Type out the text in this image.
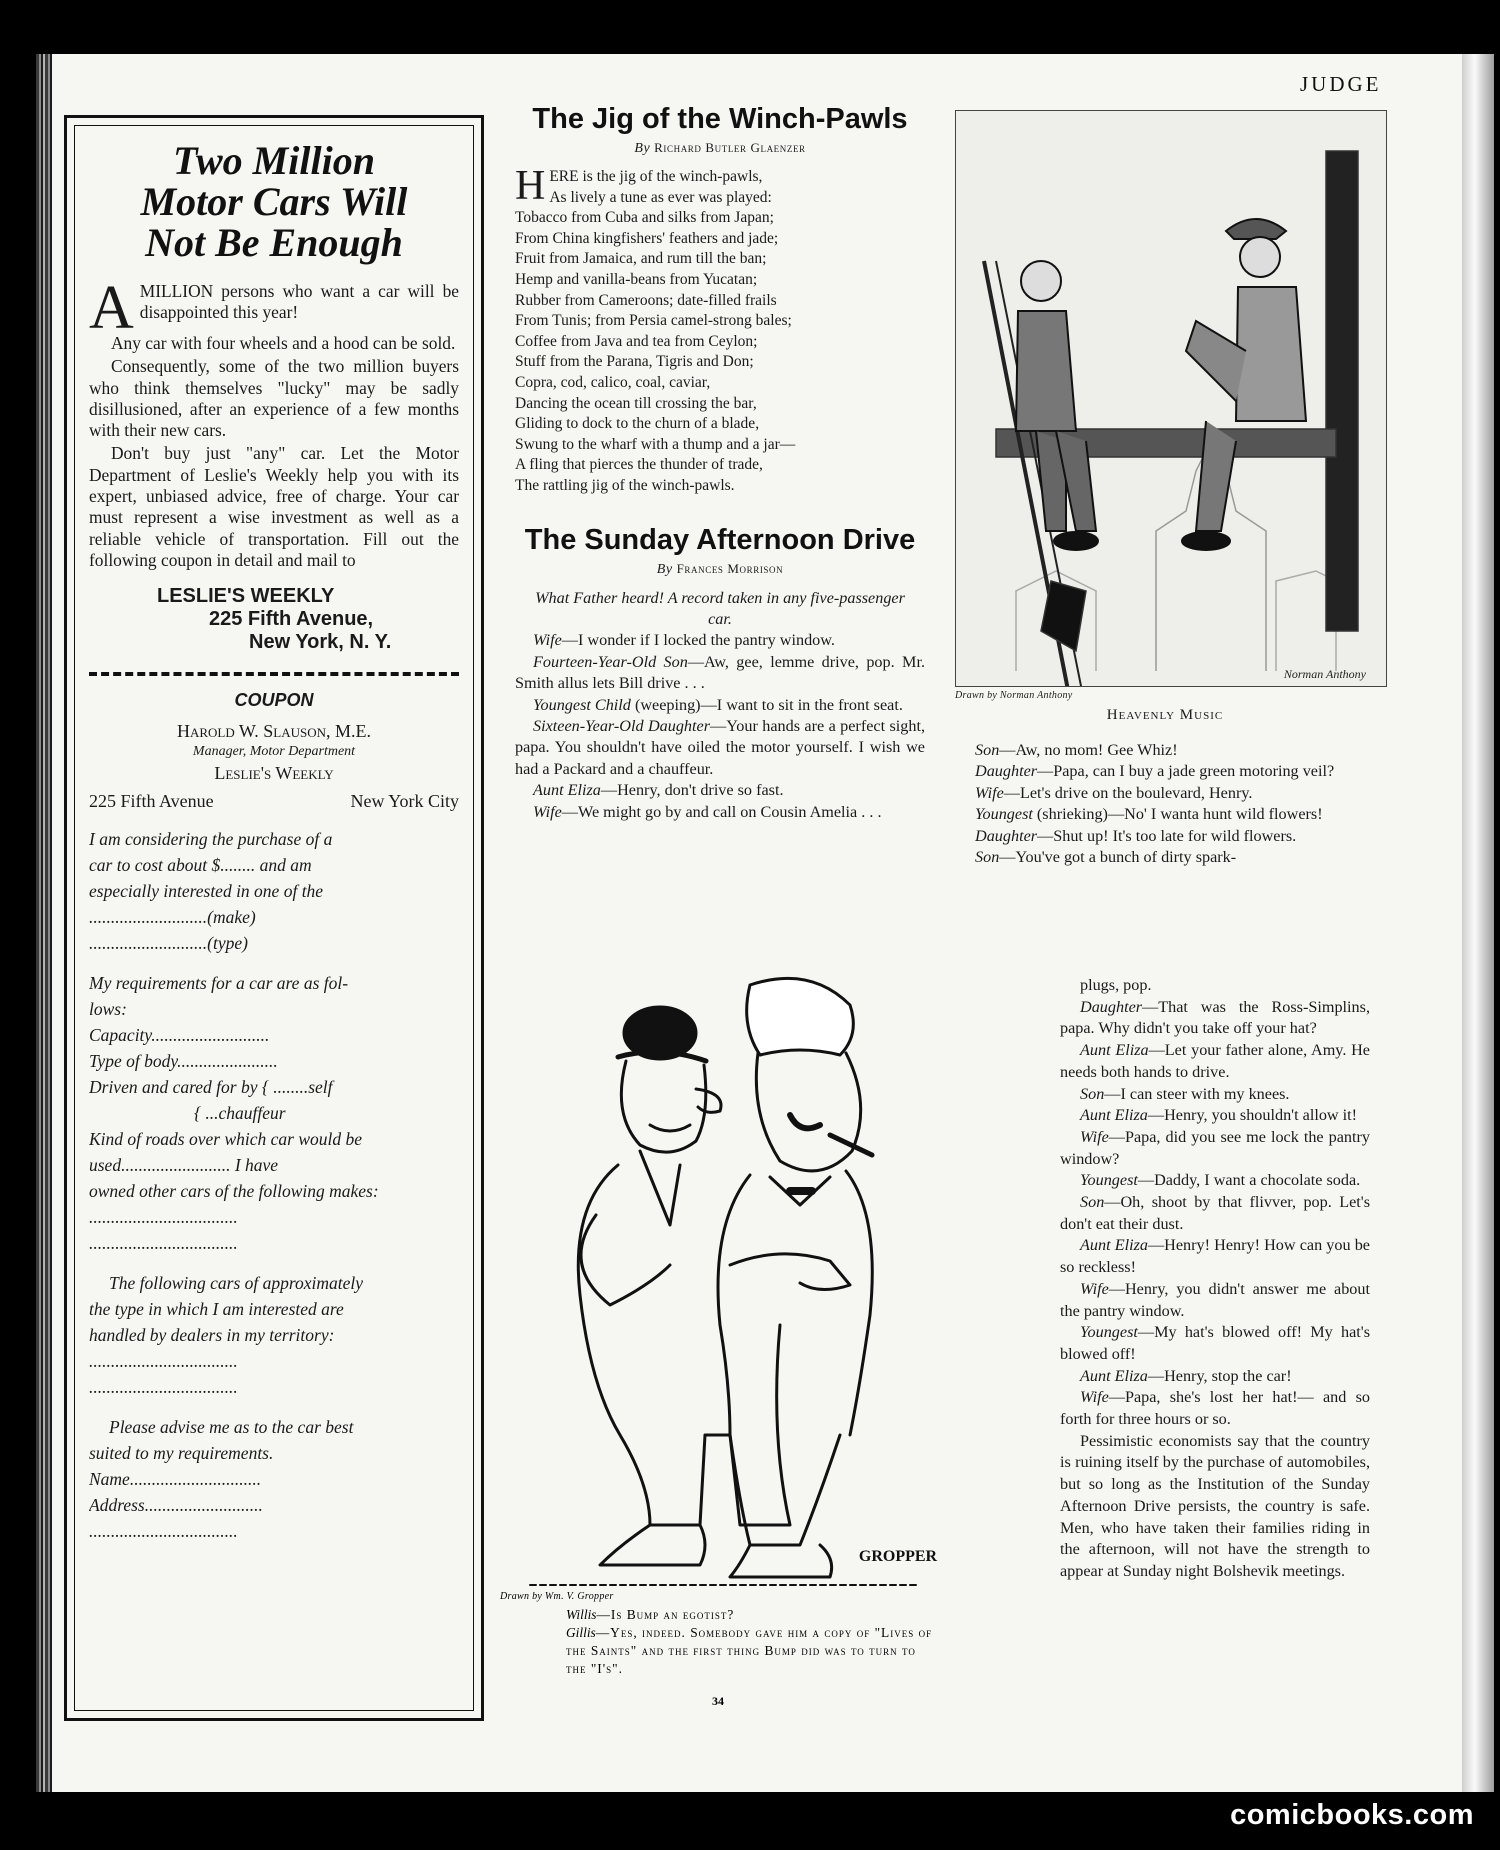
JUDGE
Two Million
Motor Cars Will
Not Be Enough

A MILLION persons who want a car will be disappointed this year!

Any car with four wheels and a hood can be sold.

Consequently, some of the two million buyers who think themselves "lucky" may be sadly disillusioned, after an experience of a few months with their new cars.

Don't buy just "any" car. Let the Motor Department of Leslie's Weekly help you with its expert, unbiased advice, free of charge. Your car must represent a wise investment as well as a reliable vehicle of transportation. Fill out the following coupon in detail and mail to

LESLIE'S WEEKLY
225 Fifth Avenue,
New York, N. Y.
COUPON
Harold W. Slauson, M.E.
Manager, Motor Department
Leslie's Weekly
225 Fifth Avenue	New York City
I am considering the purchase of a
car to cost about $........ and am
especially interested in one of the
...........................(make)
...........................(type)
My requirements for a car are as fol-
lows:
Capacity...........................
Type of body.......................
Driven and cared for by { ........self
{ ...chauffeur
Kind of roads over which car would be
used......................... I have
owned other cars of the following makes:
..................................
..................................
The following cars of approximately
the type in which I am interested are
handled by dealers in my territory:
..................................
..................................
Please advise me as to the car best
suited to my requirements.
Name..............................
Address...........................
..................................
The Jig of the Winch-Pawls
By Richard Butler Glaenzer
H ERE is the jig of the winch-pawls,
As lively a tune as ever was played:
Tobacco from Cuba and silks from Japan;
From China kingfishers' feathers and jade;
Fruit from Jamaica, and rum till the ban;
Hemp and vanilla-beans from Yucatan;
Rubber from Cameroons; date-filled frails
From Tunis; from Persia camel-strong bales;
Coffee from Java and tea from Ceylon;
Stuff from the Parana, Tigris and Don;
Copra, cod, calico, coal, caviar,
Dancing the ocean till crossing the bar,
Gliding to dock to the churn of a blade,
Swung to the wharf with a thump and a jar—
A fling that pierces the thunder of trade,
The rattling jig of the winch-pawls.
The Sunday Afternoon Drive
By Frances Morrison

What Father heard! A record taken in any five-passenger car.

Wife—I wonder if I locked the pantry window.

Fourteen-Year-Old Son—Aw, gee, lemme drive, pop. Mr. Smith allus lets Bill drive . . .

Youngest Child (weeping)—I want to sit in the front seat.

Sixteen-Year-Old Daughter—Your hands are a perfect sight, papa. You shouldn't have oiled the motor yourself. I wish we had a Packard and a chauffeur.

Aunt Eliza—Henry, don't drive so fast.

Wife—We might go by and call on Cousin Amelia . . .

GROPPER
Drawn by Wm. V. Gropper
Willis—Is Bump an egotist?
Gillis—Yes, indeed. Somebody gave him a copy of "Lives of the Saints" and the first thing Bump did was to turn to the "I's".
34
Norman Anthony
Drawn by Norman Anthony
Heavenly Music

Son—Aw, no mom! Gee Whiz!

Daughter—Papa, can I buy a jade green motoring veil?

Wife—Let's drive on the boulevard, Henry.

Youngest (shrieking)—No' I wanta hunt wild flowers!

Daughter—Shut up! It's too late for wild flowers.

Son—You've got a bunch of dirty spark-

plugs, pop.

Daughter—That was the Ross-Simplins, papa. Why didn't you take off your hat?

Aunt Eliza—Let your father alone, Amy. He needs both hands to drive.

Son—I can steer with my knees.

Aunt Eliza—Henry, you shouldn't allow it!

Wife—Papa, did you see me lock the pantry window?

Youngest—Daddy, I want a chocolate soda.

Son—Oh, shoot by that flivver, pop. Let's don't eat their dust.

Aunt Eliza—Henry! Henry! How can you be so reckless!

Wife—Henry, you didn't answer me about the pantry window.

Youngest—My hat's blowed off! My hat's blowed off!

Aunt Eliza—Henry, stop the car!

Wife—Papa, she's lost her hat!— and so forth for three hours or so.

Pessimistic economists say that the country is ruining itself by the purchase of automobiles, but so long as the Institution of the Sunday Afternoon Drive persists, the country is safe. Men, who have taken their families riding in the afternoon, will not have the strength to appear at Sunday night Bolshevik meetings.

comicbooks.com
